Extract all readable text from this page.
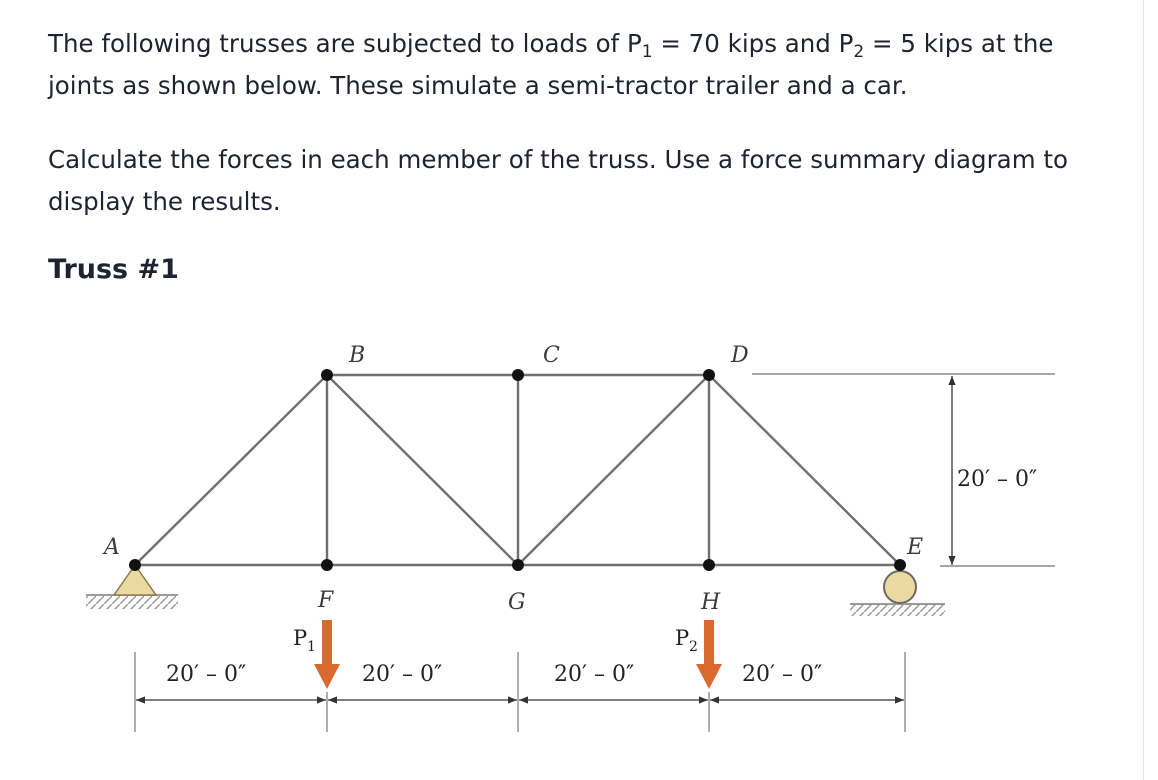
The following trusses are subjected to loads of $P_1 = 70$ kips and $P_2 = 5$ kips at the joints as shown below. These simulate a semi-tractor trailer and a car.

Calculate the forces in each member of the truss. Use a force summary diagram to display the results.

Truss #1
A
B	C	D
E
F	G	H
P 1	P 2
20′ – 0″	20′ – 0″	20′ – 0″	20′ – 0″
20′ – 0″
